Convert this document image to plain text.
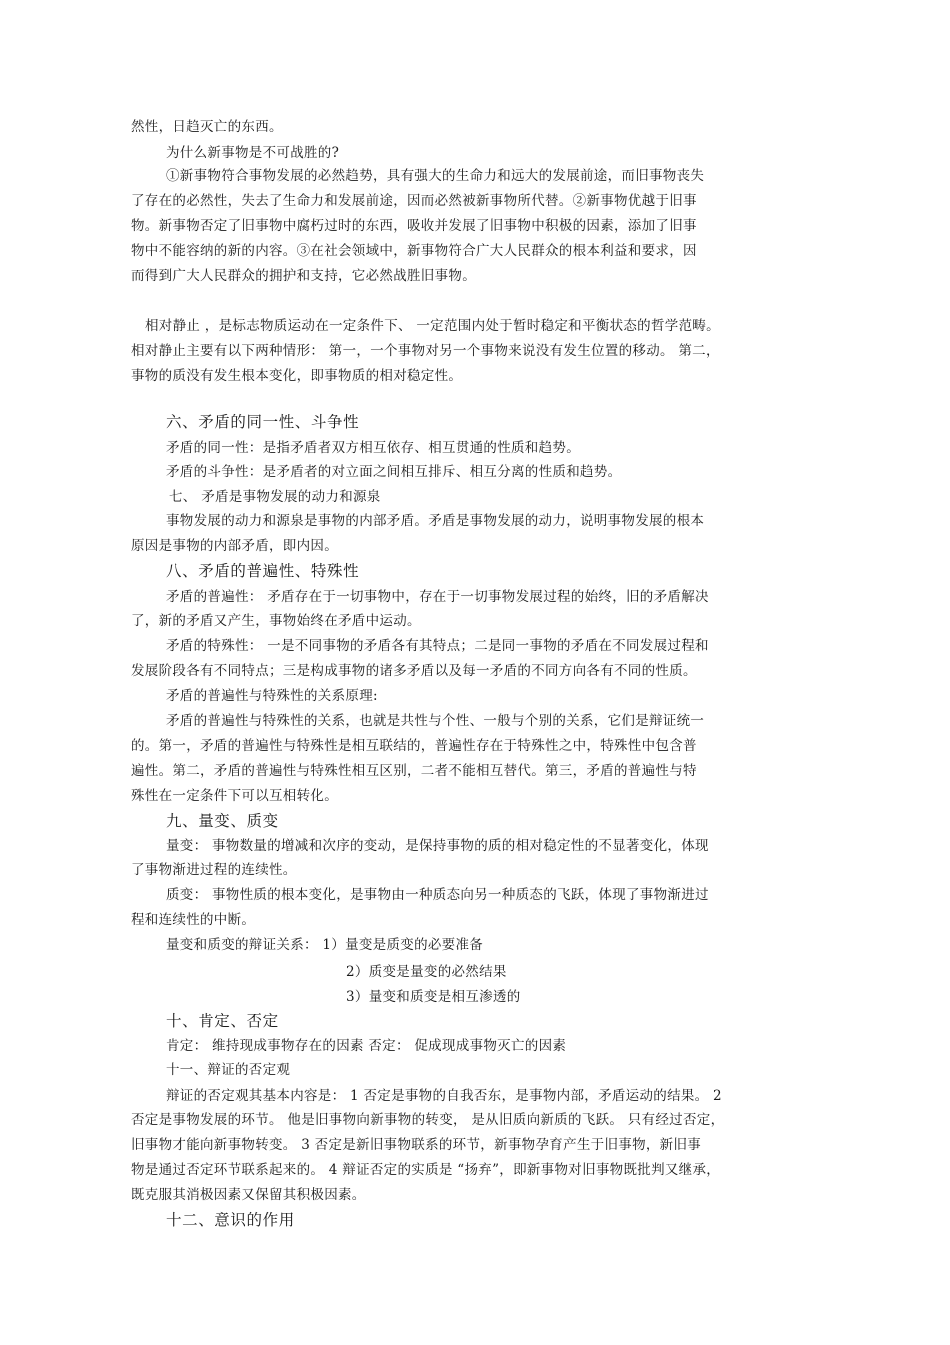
然性，日趋灭亡的东西。
为什么新事物是不可战胜的?
①新事物符合事物发展的必然趋势，具有强大的生命力和远大的发展前途，而旧事物丧失
了存在的必然性，失去了生命力和发展前途，因而必然被新事物所代替。②新事物优越于旧事
物。新事物否定了旧事物中腐朽过时的东西，吸收并发展了旧事物中积极的因素，添加了旧事
物中不能容纳的新的内容。③在社会领域中，新事物符合广大人民群众的根本利益和要求，因
而得到广大人民群众的拥护和支持，它必然战胜旧事物。
相对静止 ，是标志物质运动在一定条件下、 一定范围内处于暂时稳定和平衡状态的哲学范畴。
相对静止主要有以下两种情形： 第一，一个事物对另一个事物来说没有发生位置的移动。 第二，
事物的质没有发生根本变化，即事物质的相对稳定性。
六、矛盾的同一性、斗争性
矛盾的同一性：是指矛盾者双方相互依存、相互贯通的性质和趋势。
矛盾的斗争性：是矛盾者的对立面之间相互排斥、相互分离的性质和趋势。
七、 矛盾是事物发展的动力和源泉
事物发展的动力和源泉是事物的内部矛盾。矛盾是事物发展的动力，说明事物发展的根本
原因是事物的内部矛盾，即内因。
八、矛盾的普遍性、特殊性
矛盾的普遍性： 矛盾存在于一切事物中，存在于一切事物发展过程的始终，旧的矛盾解决
了，新的矛盾又产生，事物始终在矛盾中运动。
矛盾的特殊性： 一是不同事物的矛盾各有其特点；二是同一事物的矛盾在不同发展过程和
发展阶段各有不同特点；三是构成事物的诸多矛盾以及每一矛盾的不同方向各有不同的性质。
矛盾的普遍性与特殊性的关系原理:
矛盾的普遍性与特殊性的关系，也就是共性与个性、一般与个别的关系，它们是辩证统一
的。第一，矛盾的普遍性与特殊性是相互联结的，普遍性存在于特殊性之中，特殊性中包含普
遍性。第二，矛盾的普遍性与特殊性相互区别，二者不能相互替代。第三，矛盾的普遍性与特
殊性在一定条件下可以互相转化。
九、量变、质变
量变： 事物数量的增减和次序的变动，是保持事物的质的相对稳定性的不显著变化，体现
了事物渐进过程的连续性。
质变： 事物性质的根本变化，是事物由一种质态向另一种质态的飞跃，体现了事物渐进过
程和连续性的中断。
量变和质变的辩证关系： 1）量变是质变的必要准备
2）质变是量变的必然结果
3）量变和质变是相互渗透的
十、肯定、否定
肯定： 维持现成事物存在的因素 否定： 促成现成事物灭亡的因素
十一、辩证的否定观
辩证的否定观其基本内容是： 1 否定是事物的自我否东，是事物内部，矛盾运动的结果。 2
否定是事物发展的环节。 他是旧事物向新事物的转变， 是从旧质向新质的飞跃。 只有经过否定，
旧事物才能向新事物转变。 3 否定是新旧事物联系的环节，新事物孕育产生于旧事物，新旧事
物是通过否定环节联系起来的。 4 辩证否定的实质是 “扬弃”，即新事物对旧事物既批判又继承，
既克服其消极因素又保留其积极因素。
十二、意识的作用
